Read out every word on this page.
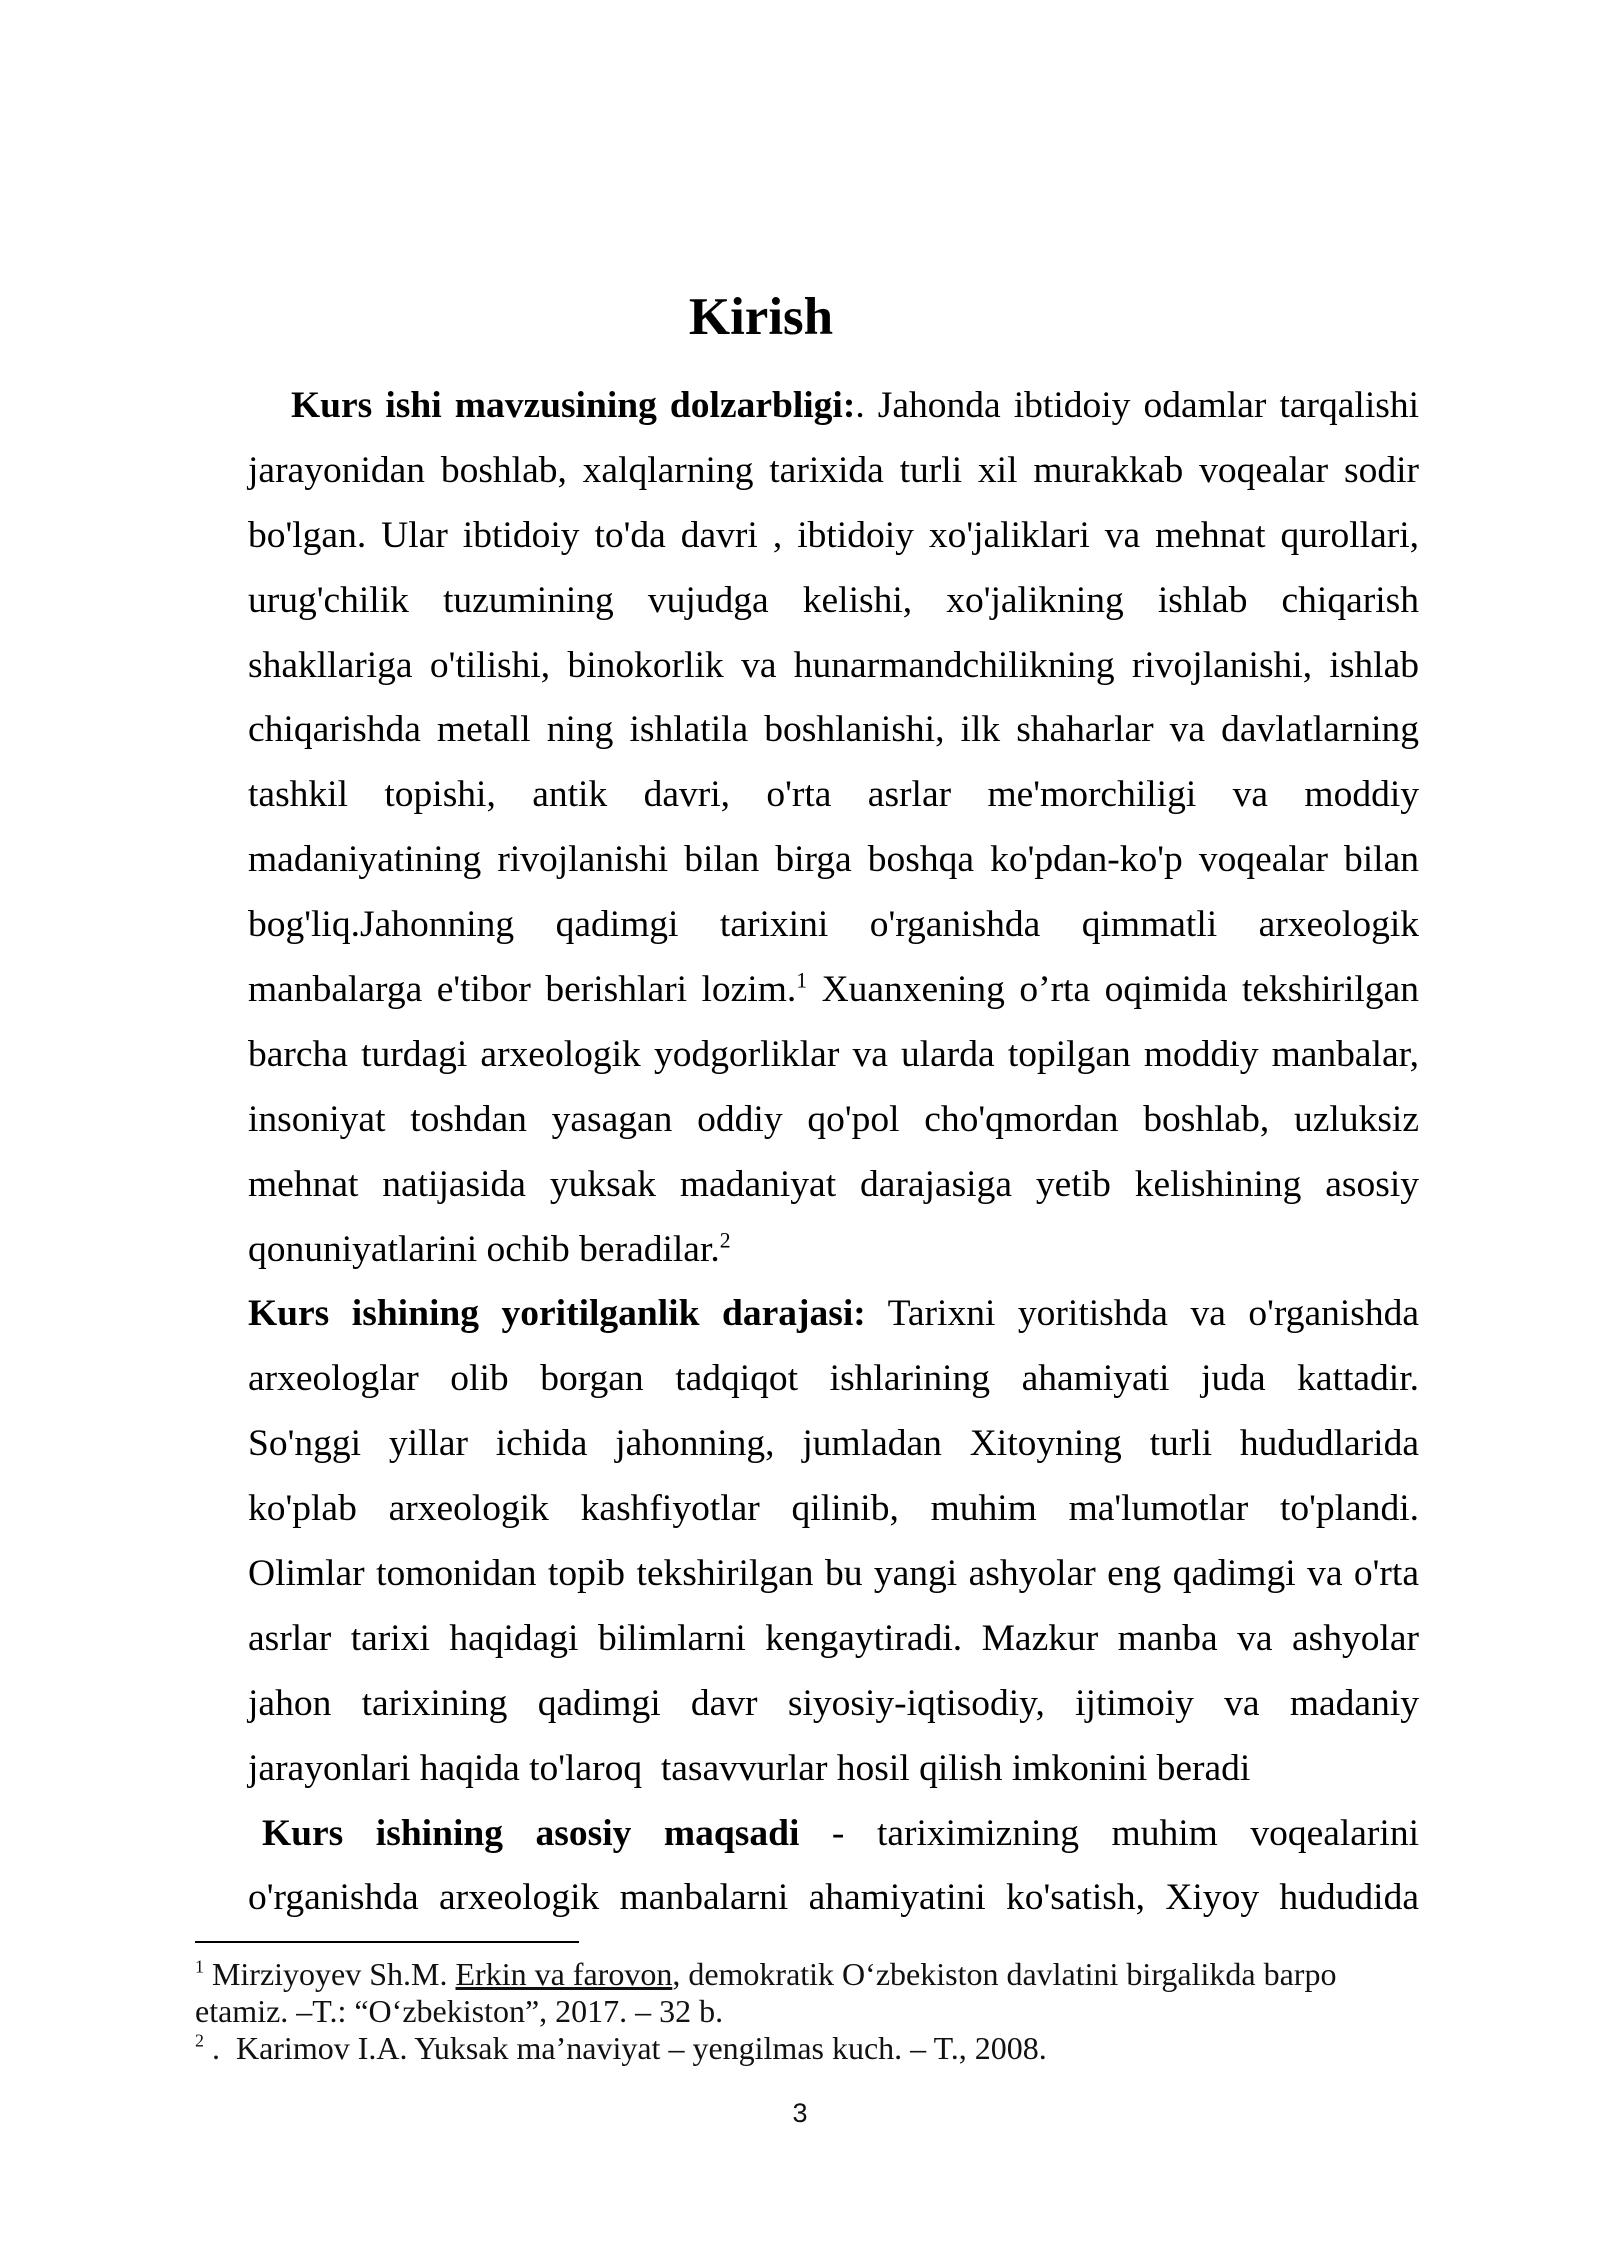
Kirish
Kurs ishi mavzusining dolzarbligi:. Jahonda ibtidoiy odamlar tarqalishi
jarayonidan boshlab, xalqlarning tarixida turli xil murakkab voqealar sodir
bo'lgan. Ular ibtidoiy to'da davri , ibtidoiy xo'jaliklari va mehnat qurollari,
urug'chilik tuzumining vujudga kelishi, xo'jalikning ishlab chiqarish
shakllariga o'tilishi, binokorlik va hunarmandchilikning rivojlanishi, ishlab
chiqarishda metall ning ishlatila boshlanishi, ilk shaharlar va davlatlarning
tashkil topishi, antik davri, o'rta asrlar me'morchiligi va moddiy
madaniyatining rivojlanishi bilan birga boshqa ko'pdan-ko'p voqealar bilan
bog'liq.Jahonning qadimgi tarixini o'rganishda qimmatli arxeologik
manbalarga e'tibor berishlari lozim.$^1$ Xuanxening o’rta oqimida tekshirilgan
barcha turdagi arxeologik yodgorliklar va ularda topilgan moddiy manbalar,
insoniyat toshdan yasagan oddiy qo'pol cho'qmordan boshlab, uzluksiz
mehnat natijasida yuksak madaniyat darajasiga yetib kelishining asosiy
qonuniyatlarini ochib beradilar.$^2$
Kurs ishining yoritilganlik darajasi: Tarixni yoritishda va o'rganishda
arxeologlar olib borgan tadqiqot ishlarining ahamiyati juda kattadir.
So'nggi yillar ichida jahonning, jumladan Xitoyning turli hududlarida
ko'plab arxeologik kashfiyotlar qilinib, muhim ma'lumotlar to'plandi.
Olimlar tomonidan topib tekshirilgan bu yangi ashyolar eng qadimgi va o'rta
asrlar tarixi haqidagi bilimlarni kengaytiradi. Mazkur manba va ashyolar
jahon tarixining qadimgi davr siyosiy-iqtisodiy, ijtimoiy va madaniy
jarayonlari haqida to'laroq  tasavvurlar hosil qilish imkonini beradi
Kurs ishining asosiy maqsadi - tariximizning muhim voqealarini
o'rganishda arxeologik manbalarni ahamiyatini ko'satish, Xiyoy hududida
$^1$ Mirziyoyev Sh.M. Erkin va farovon, demokratik O‘zbekiston davlatini birgalikda barpo
etamiz. –T.: “O‘zbekiston”, 2017. – 32 b.
$^2$ .  Karimov I.A. Yuksak ma’naviyat – yengilmas kuch. – T., 2008.
3
